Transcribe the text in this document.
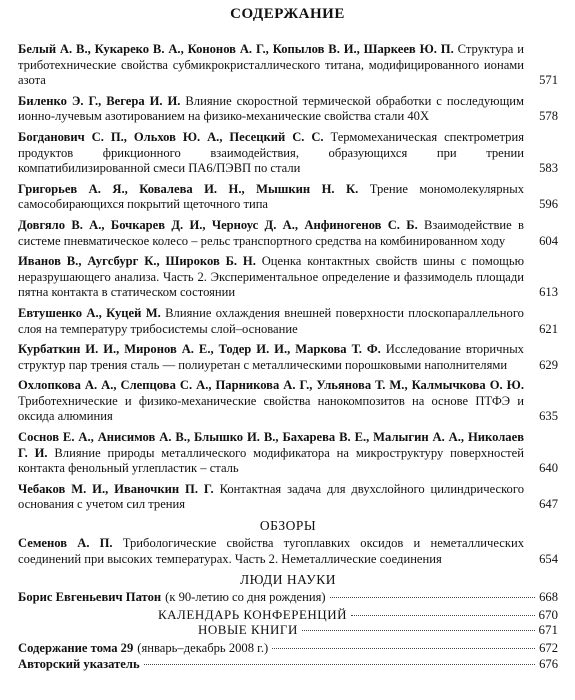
СОДЕРЖАНИЕ
Белый А. В., Кукареко В. А., Кононов А. Г., Копылов В. И., Шаркеев Ю. П. Структура и триботехнические свойства субмикрокристаллического титана, модифицированного ионами азота	571
Биленко Э. Г., Вегера И. И. Влияние скоростной термической обработки с последующим ионно-лучевым азотированием на физико-механические свойства стали 40Х	578
Богданович С. П., Ольхов Ю. А., Песецкий С. С. Термомеханическая спектрометрия продуктов фрикционного взаимодействия, образующихся при трении компатибилизированной смеси ПА6/ПЭВП по стали	583
Григорьев А. Я., Ковалева И. Н., Мышкин Н. К. Трение мономолекулярных самособирающихся покрытий щеточного типа	596
Довгяло В. А., Бочкарев Д. И., Черноус Д. А., Анфиногенов С. Б. Взаимодействие в системе пневматическое колесо – рельс транспортного средства на комбинированном ходу	604
Иванов В., Аугсбург К., Широков Б. Н. Оценка контактных свойств шины с помощью неразрушающего анализа. Часть 2. Экспериментальное определение и фаззимодель площади пятна контакта в статическом состоянии	613
Евтушенко А., Куцей М. Влияние охлаждения внешней поверхности плоскопараллельного слоя на температуру трибосистемы слой–основание	621
Курбаткин И. И., Миронов А. Е., Тодер И. И., Маркова Т. Ф. Исследование вторичных структур пар трения сталь — полиуретан с металлическими порошковыми наполнителями	629
Охлопкова А. А., Слепцова С. А., Парникова А. Г., Ульянова Т. М., Калмычкова О. Ю. Триботехнические и физико-механические свойства нанокомпозитов на основе ПТФЭ и оксида алюминия	635
Соснов Е. А., Анисимов А. В., Блышко И. В., Бахарева В. Е., Малыгин А. А., Николаев Г. И. Влияние природы металлического модификатора на микроструктуру поверхностей контакта фенольный углепластик – сталь	640
Чебаков М. И., Иваночкин П. Г. Контактная задача для двухслойного цилиндрического основания с учетом сил трения	647
ОБЗОРЫ
Семенов А. П. Трибологические свойства тугоплавких оксидов и неметаллических соединений при высоких температурах. Часть 2. Неметаллические соединения	654
ЛЮДИ НАУКИ
Борис Евгеньевич Патон (к 90-летию со дня рождения)	668
КАЛЕНДАРЬ КОНФЕРЕНЦИЙ	670
НОВЫЕ КНИГИ	671
Содержание тома 29 (январь–декабрь 2008 г.)	672
Авторский указатель	676
